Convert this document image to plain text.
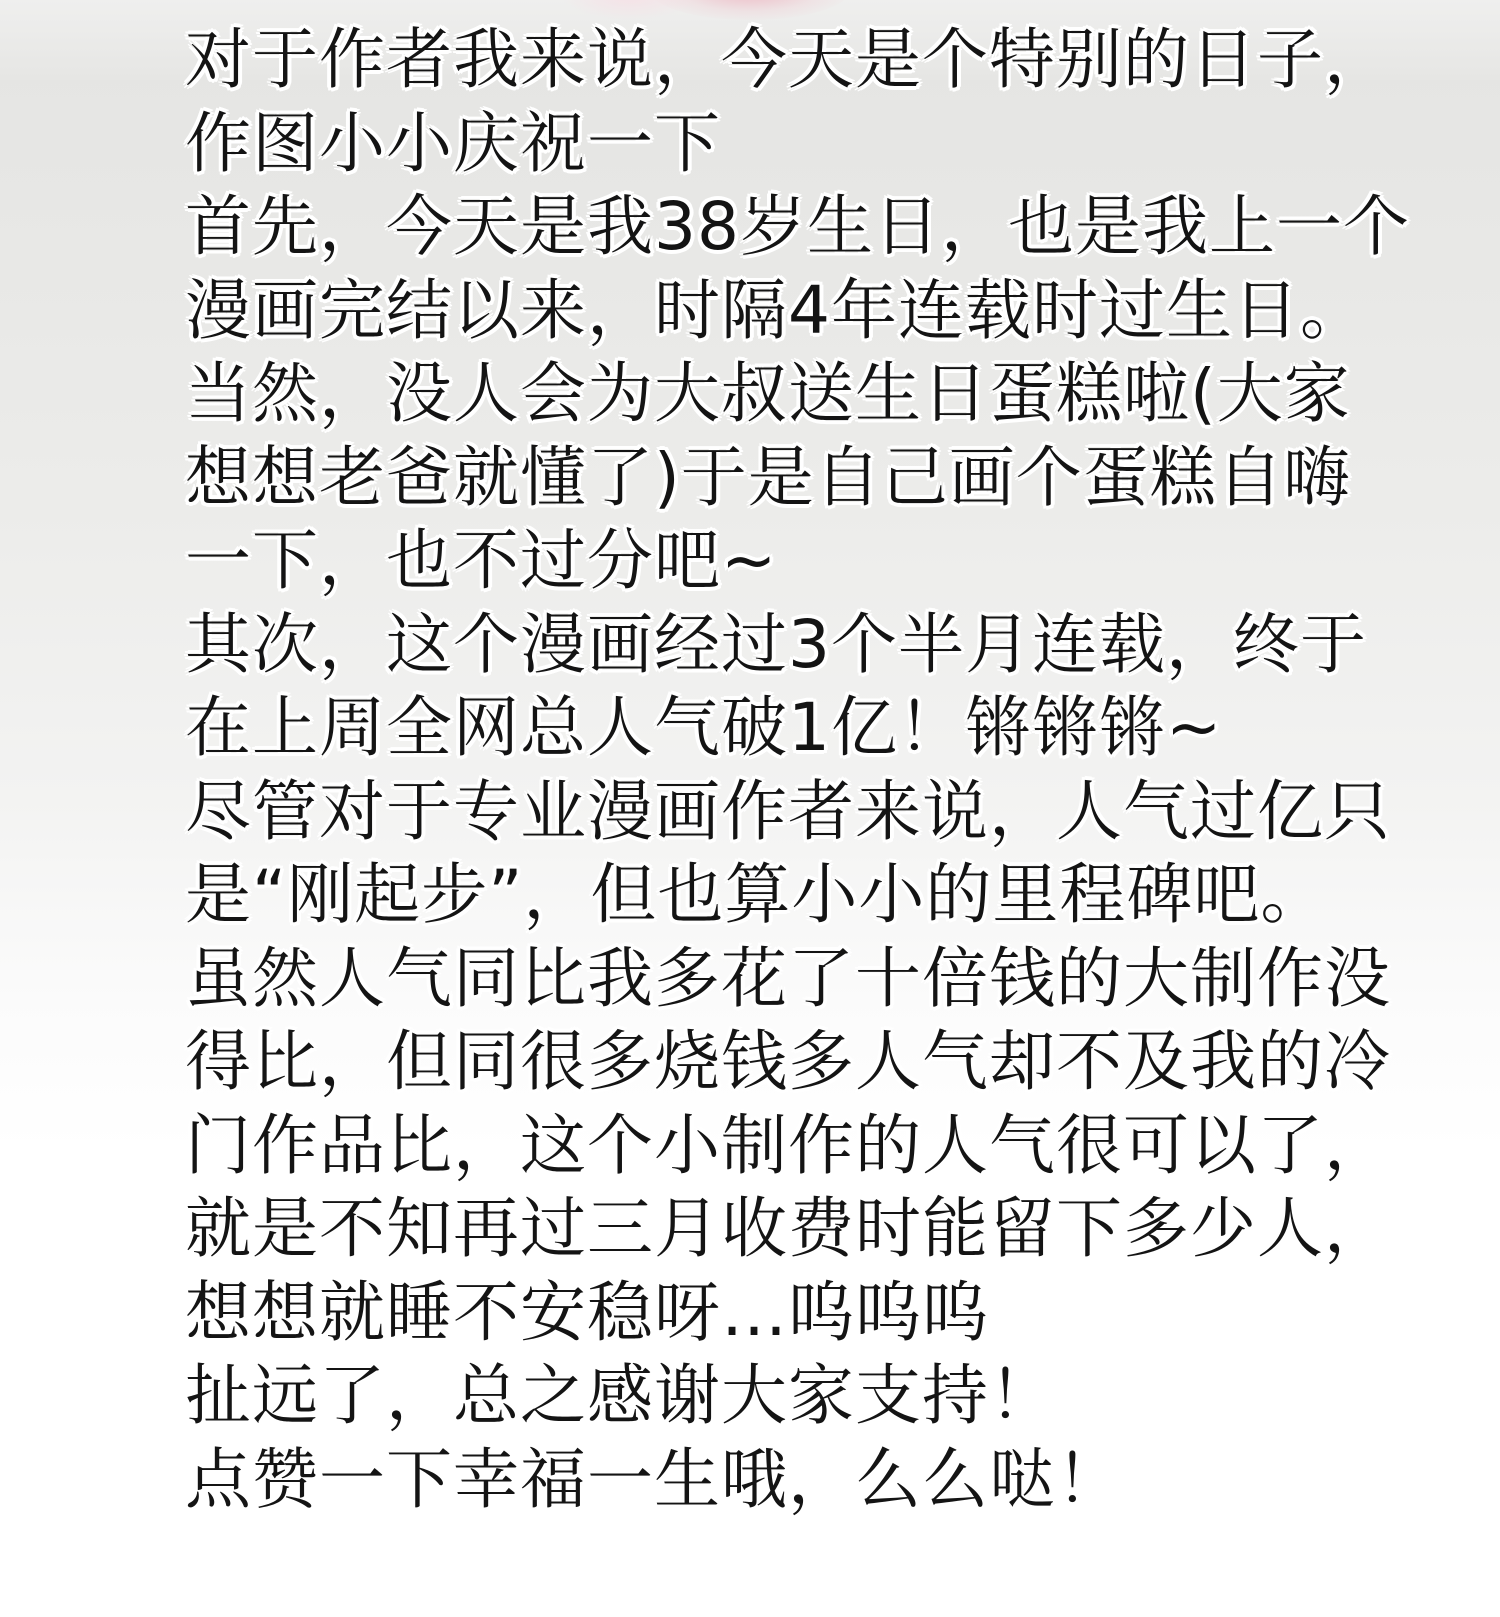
对于作者我来说，今天是个特别的日子，
作图小小庆祝一下
首先，今天是我38岁生日，也是我上一个
漫画完结以来，时隔4年连载时过生日。
当然，没人会为大叔送生日蛋糕啦(大家
想想老爸就懂了)于是自己画个蛋糕自嗨
一下，也不过分吧~
其次，这个漫画经过3个半月连载，终于
在上周全网总人气破1亿！锵锵锵~
尽管对于专业漫画作者来说，人气过亿只
是“刚起步”，但也算小小的里程碑吧。
虽然人气同比我多花了十倍钱的大制作没
得比，但同很多烧钱多人气却不及我的冷
门作品比，这个小制作的人气很可以了，
就是不知再过三月收费时能留下多少人，
想想就睡不安稳呀…呜呜呜
扯远了，总之感谢大家支持！
点赞一下幸福一生哦，么么哒！
